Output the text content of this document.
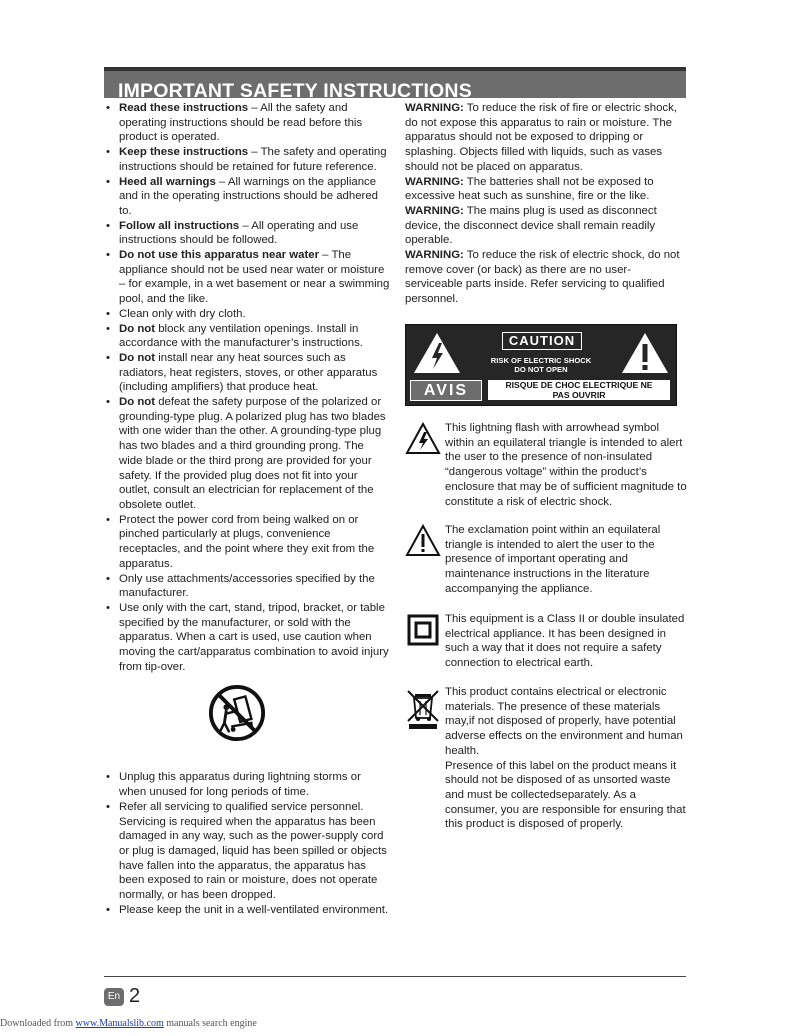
IMPORTANT SAFETY INSTRUCTIONS
• Read these instructions – All the safety and operating instructions should be read before this product is operated.
• Keep these instructions – The safety and operating instructions should be retained for future reference.
• Heed all warnings – All warnings on the appliance and in the operating instructions should be adhered to.
• Follow all instructions – All operating and use instructions should be followed.
• Do not use this apparatus near water – The appliance should not be used near water or moisture – for example, in a wet basement or near a swimming pool, and the like.
• Clean only with dry cloth.
• Do not block any ventilation openings. Install in accordance with the manufacturer’s instructions.
• Do not install near any heat sources such as radiators, heat registers, stoves, or other apparatus (including amplifiers) that produce heat.
• Do not defeat the safety purpose of the polarized or grounding-type plug. A polarized plug has two blades with one wider than the other. A grounding-type plug has two blades and a third grounding prong. The wide blade or the third prong are provided for your safety. If the provided plug does not fit into your outlet, consult an electrician for replacement of the obsolete outlet.
• Protect the power cord from being walked on or pinched particularly at plugs, convenience receptacles, and the point where they exit from the apparatus.
• Only use attachments/accessories specified by the manufacturer.
• Use only with the cart, stand, tripod, bracket, or table specified by the manufacturer, or sold with the apparatus. When a cart is used, use caution when moving the cart/apparatus combination to avoid injury from tip-over.
• Unplug this apparatus during lightning storms or when unused for long periods of time.
• Refer all servicing to qualified service personnel. Servicing is required when the apparatus has been damaged in any way, such as the power-supply cord or plug is damaged, liquid has been spilled or objects have fallen into the apparatus, the apparatus has been exposed to rain or moisture, does not operate normally, or has been dropped.
• Please keep the unit in a well-ventilated environment.

WARNING: To reduce the risk of fire or electric shock, do not expose this apparatus to rain or moisture. The apparatus should not be exposed to dripping or splashing. Objects filled with liquids, such as vases should not be placed on apparatus.

WARNING: The batteries shall not be exposed to excessive heat such as sunshine, fire or the like.

WARNING: The mains plug is used as disconnect device, the disconnect device shall remain readily operable.

WARNING: To reduce the risk of electric shock, do not remove cover (or back) as there are no user-serviceable parts inside. Refer servicing to qualified personnel.

CAUTION
RISK OF ELECTRIC SHOCK
DO NOT OPEN
AVIS	RISQUE DE CHOC ELECTRIQUE NE
PAS OUVRIR

This lightning flash with arrowhead symbol within an equilateral triangle is intended to alert the user to the presence of non-insulated “dangerous voltage” within the product’s enclosure that may be of sufficient magnitude to constitute a risk of electric shock.

The exclamation point within an equilateral triangle is intended to alert the user to the presence of important operating and maintenance instructions in the literature accompanying the appliance.

This equipment is a Class II or double insulated electrical appliance. It has been designed in such a way that it does not require a safety connection to electrical earth.

This product contains electrical or electronic materials. The presence of these materials may,if not disposed of properly, have potential adverse effects on the environment and human health.
Presence of this label on the product means it should not be disposed of as unsorted waste and must be collectedseparately. As a consumer, you are responsible for ensuring that this product is disposed of properly.
En 2
Downloaded from www.Manualslib.com manuals search engine
